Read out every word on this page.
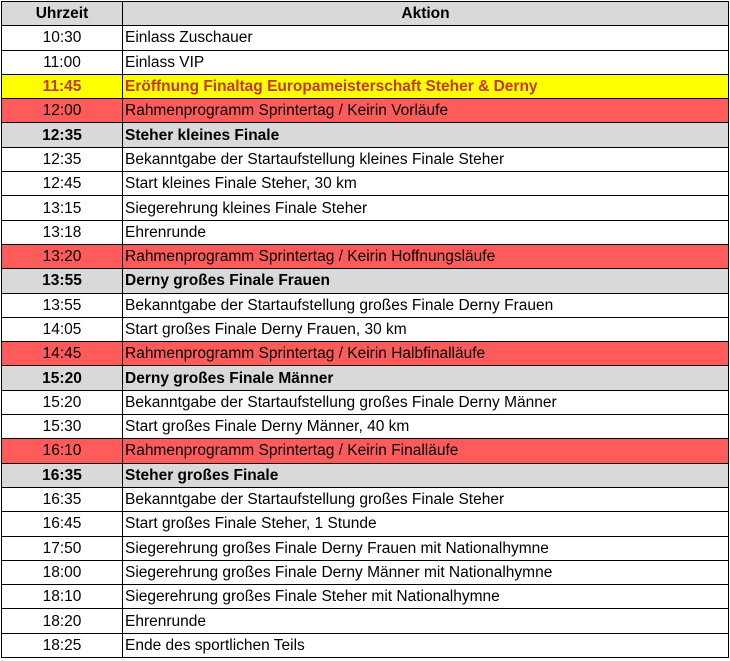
Uhrzeit	Aktion
10:30	Einlass Zuschauer
11:00	Einlass VIP
11:45	Eröffnung Finaltag Europameisterschaft Steher & Derny
12:00	Rahmenprogramm Sprintertag / Keirin Vorläufe
12:35	Steher kleines Finale
12:35	Bekanntgabe der Startaufstellung kleines Finale Steher
12:45	Start kleines Finale Steher, 30 km
13:15	Siegerehrung kleines Finale Steher
13:18	Ehrenrunde
13:20	Rahmenprogramm Sprintertag / Keirin Hoffnungsläufe
13:55	Derny großes Finale Frauen
13:55	Bekanntgabe der Startaufstellung großes Finale Derny Frauen
14:05	Start großes Finale Derny Frauen, 30 km
14:45	Rahmenprogramm Sprintertag / Keirin Halbfinalläufe
15:20	Derny großes Finale Männer
15:20	Bekanntgabe der Startaufstellung großes Finale Derny Männer
15:30	Start großes Finale Derny Männer, 40 km
16:10	Rahmenprogramm Sprintertag / Keirin Finalläufe
16:35	Steher großes Finale
16:35	Bekanntgabe der Startaufstellung großes Finale Steher
16:45	Start großes Finale Steher, 1 Stunde
17:50	Siegerehrung großes Finale Derny Frauen mit Nationalhymne
18:00	Siegerehrung großes Finale Derny Männer mit Nationalhymne
18:10	Siegerehrung großes Finale Steher mit Nationalhymne
18:20	Ehrenrunde
18:25	Ende des sportlichen Teils
